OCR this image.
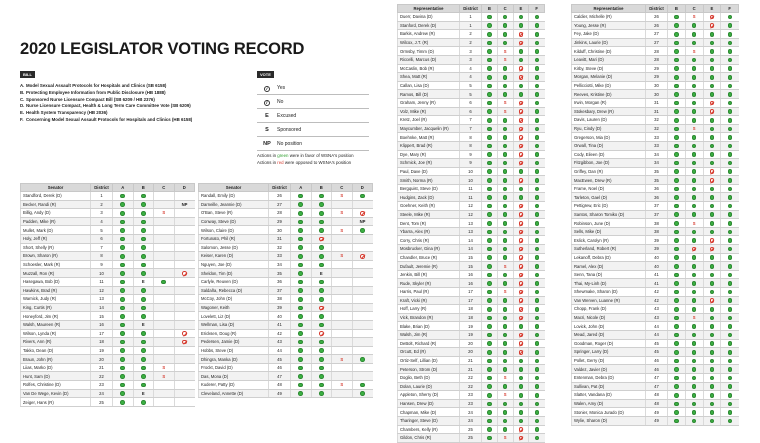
2020 LEGISLATOR VOTING RECORD
BILL
A. Model Sexual Assault Protocols for Hospitals and Clinics (SB 6158)
B. Protecting Employee Information from Public Disclosure (HB 1888)
C. Sponsored Nurse Licensure Compact Bill (SB 6209 / HB 2376)
D. Nurse Licensure Compact, Health & Long Term Care Committee Vote (SB 6209)
E. Health System Transparency (HB 2036)
F. Concerning Model Sexual Assault Protocols for Hospitals and Clinics (HB 6158)
VOTE
✓	Yes
/	No
E	Excused
S	Sponsored
NP	No position
Actions in green were in favor of WSNA's position
Actions in red were opposed to WSNA's position
Senator	District	A	B	C	D
Standford, Derek (D)	1				
Becker, Randi (R)	2				NP
Billig, Andy (D)	3			S	
Padden, Mike (R)	4				
Mullet, Mark (D)	5				
Holy, Jeff (R)	6				
Short, Shelly (R)	7				
Brown, Sharon (R)	8				
Schoesler, Mark (R)	9				
Muzzall, Ron (R)	10				
Hasegawa, Bob (D)	11		E		
Hawkins, Brad (R)	12				
Warnick, Judy (R)	13				
King, Curtis (R)	14				
Honeyford, Jim (R)	15				
Walsh, Maureen (R)	16		E		
Wilson, Lynda (R)	17				
Rivers, Ann (R)	18				
Takko, Dean (D)	19				
Braun, John (R)	20				
Liias, Marko (D)	21			S	
Hunt, Sam (D)	22			S	
Rolfes, Christine (D)	23				
Van De Wege, Kevin (D)	24		E		
Zeiger, Hans (R)	25				
Senator	District	A	B	C	D
Randall, Emily (D)	26			S	
Darneille, Jeannie (D)	27				
O'Ban, Steve (R)	28			S	
Conway, Steve (D)	29				NP
Wilson, Claire (D)	30			S	
Fortunato, Phil (R)	31				
Salomon, Jesse (D)	32				
Keiser, Karen (D)	33			S	
Nguyen, Joe (D)	34				
Sheldon, Tim (D)	35		E		
Carlyle, Reuven (D)	36				
Saldaña, Rebecca (D)	37				
McCoy, John (D)	38				
Wagoner, Keith	39				
Lovelett, Liz (D)	40				
Wellman, Lisa (D)	41				
Ericksen, Doug (R)	42				
Pedersen, Jamie (D)	43				
Hobbs, Steve (D)	44				
Dhingra, Manka (D)	45			S	
Frockt, David (D)	46				
Das, Mona (D)	47				
Kuderer, Patty (D)	48			S	
Cleveland, Annette (D)	49				
Representative	District	B	C	E	F
Duerr, Davina (D)	1				
Stanford, Derek (D)	1				
Barkis, Andrew (R)	2				
Wilcox, J.T. (R)	2				
Ormsby, Timm (D)	3		S		
Riccelli, Marcus (D)	3		S		
McCaslin, Bob (R)	4				
Shea, Matt (R)	4				
Callan, Lisa (D)	5				
Ramos, Bill (D)	5				
Graham, Jenny (R)	6		S		
Volz, Mike (R)	6		S		
Kretz, Joel (R)	7				
Maycumber, Jacquelin (R)	7				
Boehnke, Matt (R)	8				
Klippert, Brad (R)	8				
Dye, Mary (R)	9				
Schmick, Joe (R)	9				
Paul, Dave (D)	10				
Smith, Norma (R)	10				
Bergquist, Steve (D)	11				
Hudgins, Zack (D)	11				
Goehner, Keith (R)	12				
Steele, Mike (R)	12				
Dent, Tom (R)	13				
Ybarra, Alex (R)	13				
Corry, Chris (R)	14				
Mosbrucker, Gina (R)	14				
Chandler, Bruce (R)	15				
Dufault, Jeremie (R)	15		S		
Jenkin, Bill (R)	16				
Rude, Skyler (R)	16				
Harris, Paul (R)	17		S		
Kraft, Vicki (R)	17				
Hoff, Larry (R)	18				
Vick, Brandon (R)	18				
Blake, Brian (D)	19				
Walsh, Jim (R)	19				
DeBolt, Richard (R)	20				
Orcutt, Ed (R)	20				
Ortiz-Self, Lillian (D)	21				
Peterson, Strom (D)	21				
Doglio, Beth (D)	22		S		
Dolan, Laurie (D)	22				
Appleton, Sherry (D)	23		S		
Hansen, Drew (D)	23				
Chapman, Mike (D)	24				
Tharinger, Steve (D)	24				
Chambers, Kelly (R)	25				
Gildon, Chris (R)	25		S		
Representative	District	B	C	E	F
Caldier, Michelle (R)	26		S		
Young, Jesse (R)	26				
Fey, Jake (D)	27				
Jinkins, Laurie (D)	27				
Kilduff, Christine (D)	28		S		
Leavitt, Mari (D)	28				
Kirby, Steve (D)	29				
Morgan, Melanie (D)	29				
Pellicciotti, Mike (D)	30				
Reeves, Kristine (D)	30				
Irwin, Morgan (R)	31				
Stokesbary, Drew (R)	31				
Davis, Lauren (D)	32				
Ryu, Cindy (D)	32		S		
Gregerson, Mia (D)	33				
Orwall, Tina (D)	33				
Cody, Eileen (D)	34				
Fitzgibbon, Joe (D)	34				
Griffey, Dan (R)	35				
MacEwen, Drew (R)	35				
Frame, Noel (D)	36				
Tarleton, Gael (D)	36				
Pettigrew, Eric (D)	37				
Santos, Sharon Tomiko (D)	37				
Robinson, June (D)	38		S		
Sells, Mike (D)	38				
Eslick, Carolyn (R)	39				
Sutherland, Robert (R)	39				
Lekanoff, Debra (D)	40				
Ramel, Alex (D)	40				
Senn, Tana (D)	41				
Thai, My-Linh (D)	41				
Shewmake, Sharon (D)	42				
Van Werven, Luanne (R)	42				
Chopp, Frank (D)	43				
Macri, Nicole (D)	43		S		
Lovick, John (D)	44				
Mead, Jared (D)	44				
Goodman, Roger (D)	45				
Springer, Larry (D)	45				
Pollet, Gerry (D)	46				
Valdez, Javier (D)	46				
Entenman, Debra (D)	47				
Sullivan, Pat (D)	47				
Slatter, Vandana (D)	48				
Walen, Amy (D)	48				
Stonier, Monica Jurado (D)	49				
Wylie, Sharon (D)	49				
